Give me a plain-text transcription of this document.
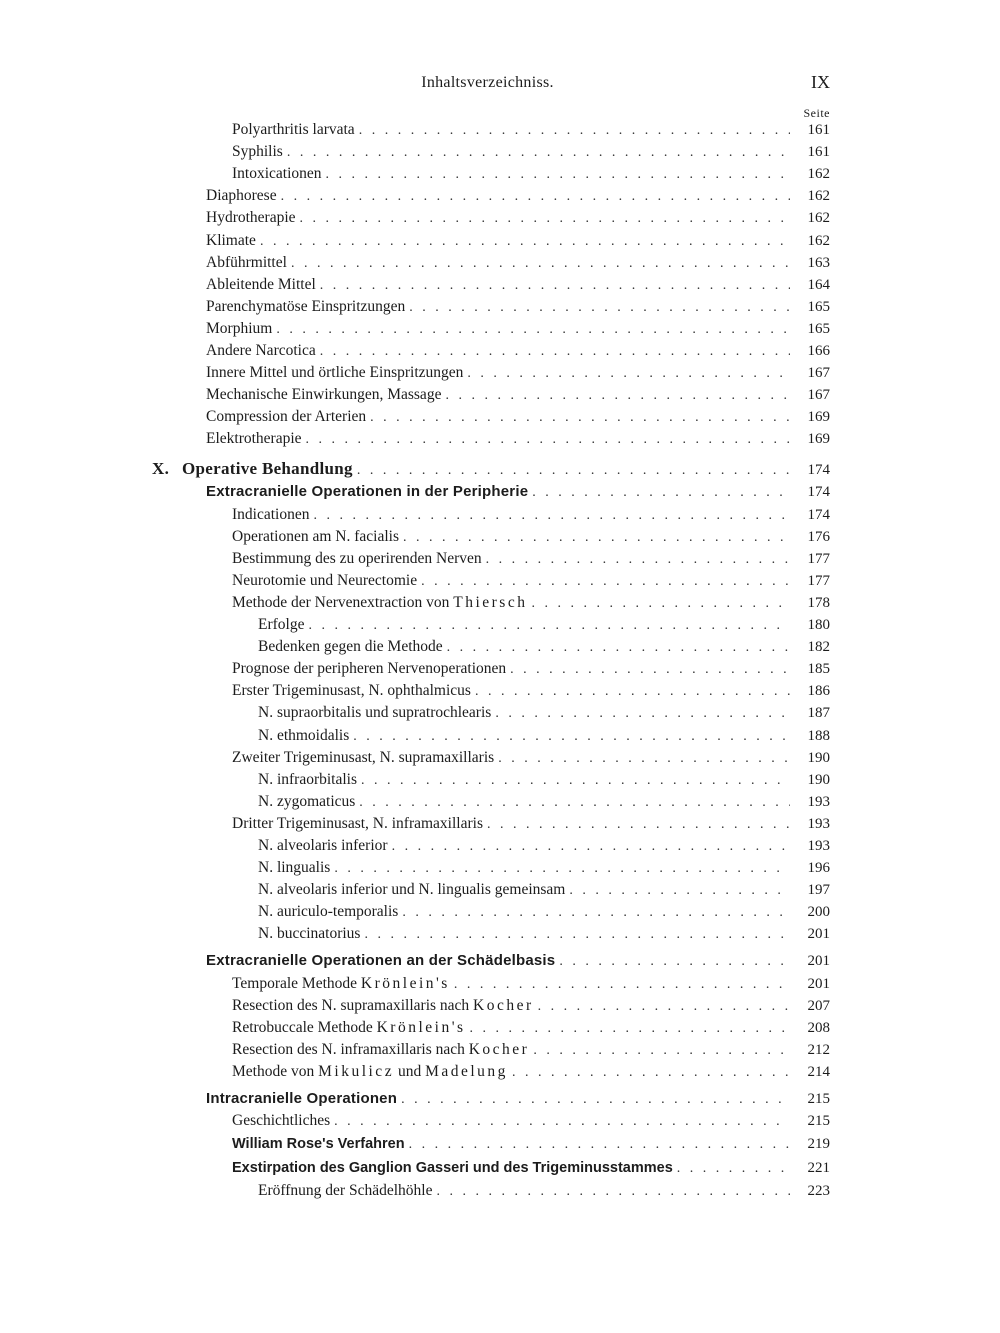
Inhaltsverzeichniss.	IX
Seite
Polyarthritis larvata . . .	161
Syphilis . . .	161
Intoxicationen . . .	162
Diaphorese . . .	162
Hydrotherapie . . .	162
Klimate . . .	162
Abführmittel . . .	163
Ableitende Mittel . . .	164
Parenchymatöse Einspritzungen . . .	165
Morphium . . .	165
Andere Narcotica . . .	166
Innere Mittel und örtliche Einspritzungen . . .	167
Mechanische Einwirkungen, Massage . . .	167
Compression der Arterien . . .	169
Elektrotherapie . . .	169
X. Operative Behandlung . . .	174
Extracranielle Operationen in der Peripherie . . .	174
Indicationen . . .	174
Operationen am N. facialis . . .	176
Bestimmung des zu operirenden Nerven . . .	177
Neurotomie und Neurectomie . . .	177
Methode der Nervenextraction von Thiersch . . .	178
Erfolge . . .	180
Bedenken gegen die Methode . . .	182
Prognose der peripheren Nervenoperationen . . .	185
Erster Trigeminusast, N. ophthalmicus . . .	186
N. supraorbitalis und supratrochlearis . . .	187
N. ethmoidalis . . .	188
Zweiter Trigeminusast, N. supramaxillaris . . .	190
N. infraorbitalis . . .	190
N. zygomaticus . . .	193
Dritter Trigeminusast, N. inframaxillaris . . .	193
N. alveolaris inferior . . .	193
N. lingualis . . .	196
N. alveolaris inferior und N. lingualis gemeinsam . . .	197
N. auriculo-temporalis . . .	200
N. buccinatorius . . .	201
Extracranielle Operationen an der Schädelbasis . . .	201
Temporale Methode Krönlein's . . .	201
Resection des N. supramaxillaris nach Kocher . . .	207
Retrobuccale Methode Krönlein's . . .	208
Resection des N. inframaxillaris nach Kocher . . .	212
Methode von Mikulicz und Madelung . . .	214
Intracranielle Operationen . . .	215
Geschichtliches . . .	215
William Rose's Verfahren . . .	219
Exstirpation des Ganglion Gasseri und des Trigeminusstammes . . .	221
Eröffnung der Schädelhöhle . . .	223
